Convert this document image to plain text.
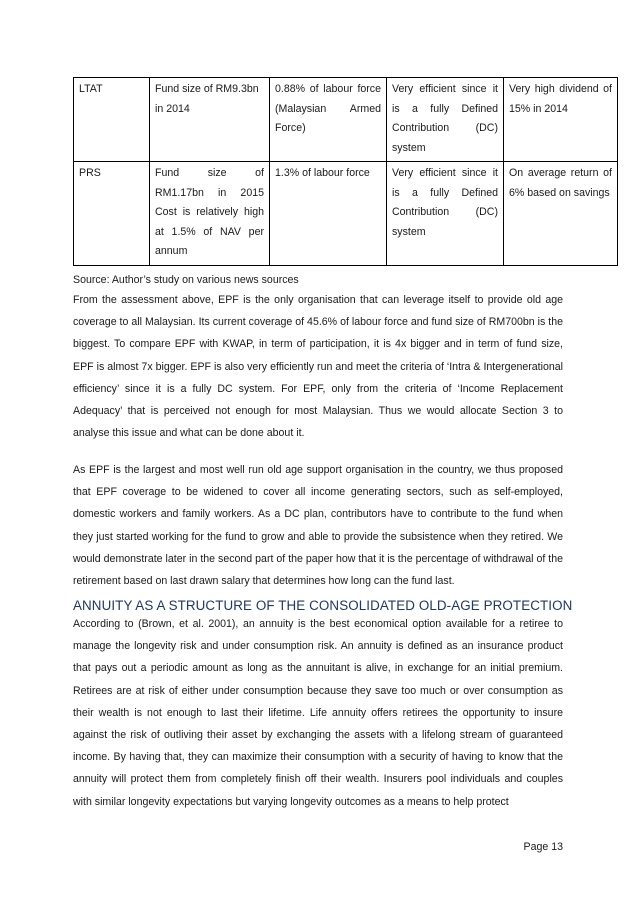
LTAT	Fund size of RM9.3bn in 2014	0.88% of labour force (Malaysian Armed Force)	Very efficient since it is a fully Defined Contribution (DC) system	Very high dividend of 15% in 2014
PRS	Fund size of RM1.17bn in 2015 Cost is relatively high at 1.5% of NAV per annum	1.3% of labour force	Very efficient since it is a fully Defined Contribution (DC) system	On average return of 6% based on savings
Source: Author’s study on various news sources

From the assessment above, EPF is the only organisation that can leverage itself to provide old age coverage to all Malaysian. Its current coverage of 45.6% of labour force and fund size of RM700bn is the biggest. To compare EPF with KWAP, in term of participation, it is 4x bigger and in term of fund size, EPF is almost 7x bigger. EPF is also very efficiently run and meet the criteria of ‘Intra & Intergenerational efficiency’ since it is a fully DC system. For EPF, only from the criteria of ‘Income Replacement Adequacy’ that is perceived not enough for most Malaysian. Thus we would allocate Section 3 to analyse this issue and what can be done about it.

As EPF is the largest and most well run old age support organisation in the country, we thus proposed that EPF coverage to be widened to cover all income generating sectors, such as self-employed, domestic workers and family workers. As a DC plan, contributors have to contribute to the fund when they just started working for the fund to grow and able to provide the subsistence when they retired. We would demonstrate later in the second part of the paper how that it is the percentage of withdrawal of the retirement based on last drawn salary that determines how long can the fund last.

ANNUITY AS A STRUCTURE OF THE CONSOLIDATED OLD-AGE PROTECTION

According to (Brown, et al. 2001), an annuity is the best economical option available for a retiree to manage the longevity risk and under consumption risk. An annuity is defined as an insurance product that pays out a periodic amount as long as the annuitant is alive, in exchange for an initial premium. Retirees are at risk of either under consumption because they save too much or over consumption as their wealth is not enough to last their lifetime. Life annuity offers retirees the opportunity to insure against the risk of outliving their asset by exchanging the assets with a lifelong stream of guaranteed income. By having that, they can maximize their consumption with a security of having to know that the annuity will protect them from completely finish off their wealth. Insurers pool individuals and couples with similar longevity expectations but varying longevity outcomes as a means to help protect

Page 13
